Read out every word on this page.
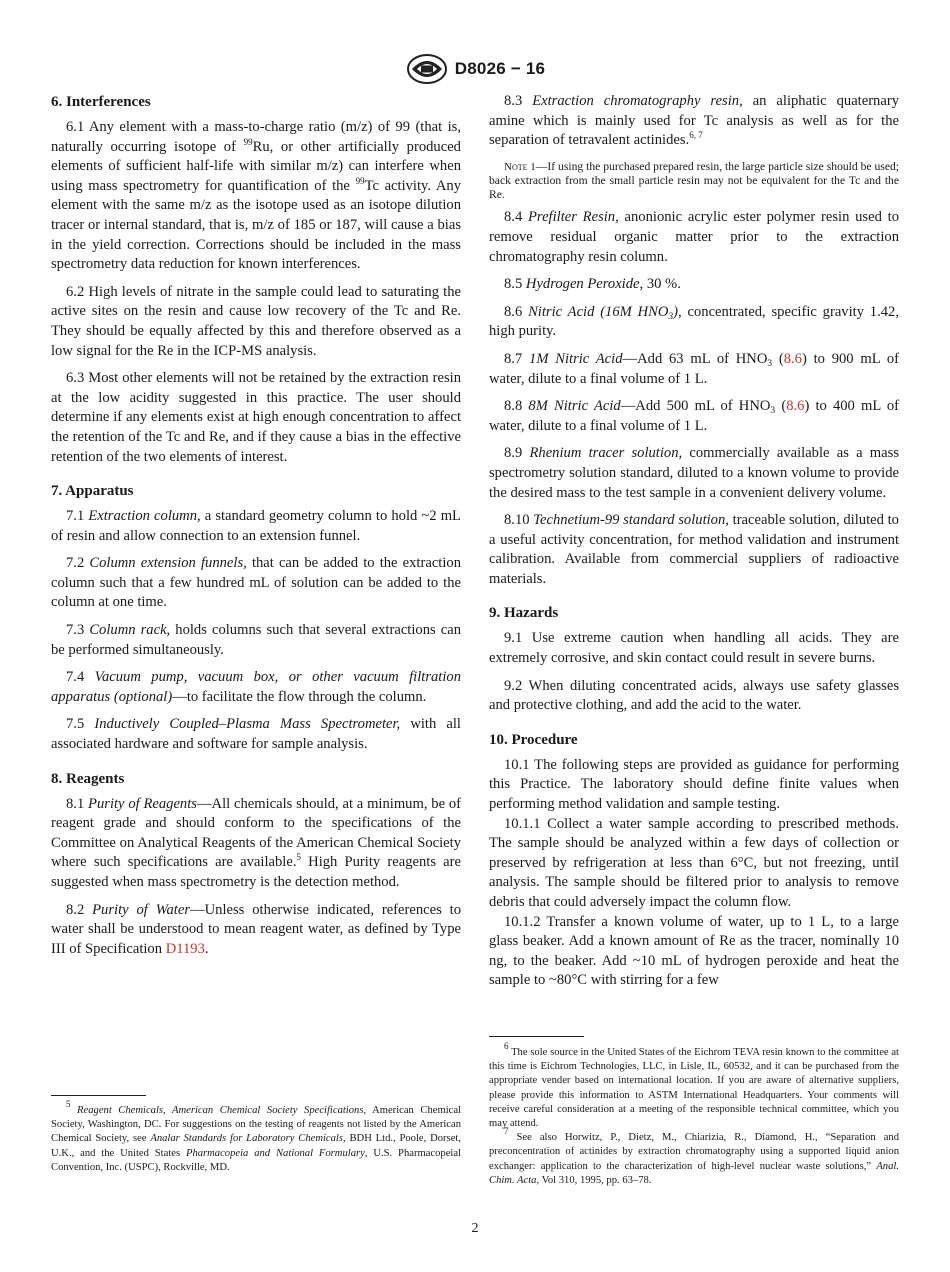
D8026 − 16
6. Interferences

6.1 Any element with a mass-to-charge ratio (m/z) of 99 (that is, naturally occurring isotope of $^{99}$Ru, or other artificially produced elements of sufficient half-life with similar m/z) can interfere when using mass spectrometry for quantification of the $^{99}$Tc activity. Any element with the same m/z as the isotope used as an isotope dilution tracer or internal standard, that is, m/z of 185 or 187, will cause a bias in the yield correction. Corrections should be included in the mass spectrometry data reduction for known interferences.

6.2 High levels of nitrate in the sample could lead to saturating the active sites on the resin and cause low recovery of the Tc and Re. They should be equally affected by this and therefore observed as a low signal for the Re in the ICP-MS analysis.

6.3 Most other elements will not be retained by the extraction resin at the low acidity suggested in this practice. The user should determine if any elements exist at high enough concentration to affect the retention of the Tc and Re, and if they cause a bias in the effective retention of the two elements of interest.

7. Apparatus

7.1 Extraction column, a standard geometry column to hold ~2 mL of resin and allow connection to an extension funnel.

7.2 Column extension funnels, that can be added to the extraction column such that a few hundred mL of solution can be added to the column at one time.

7.3 Column rack, holds columns such that several extractions can be performed simultaneously.

7.4 Vacuum pump, vacuum box, or other vacuum filtration apparatus (optional)—to facilitate the flow through the column.

7.5 Inductively Coupled–Plasma Mass Spectrometer, with all associated hardware and software for sample analysis.

8. Reagents

8.1 Purity of Reagents—All chemicals should, at a minimum, be of reagent grade and should conform to the specifications of the Committee on Analytical Reagents of the American Chemical Society where such specifications are available.$^5$ High Purity reagents are suggested when mass spectrometry is the detection method.

8.2 Purity of Water—Unless otherwise indicated, references to water shall be understood to mean reagent water, as defined by Type III of Specification D1193.

$^5$ Reagent Chemicals, American Chemical Society Specifications, American Chemical Society, Washington, DC. For suggestions on the testing of reagents not listed by the American Chemical Society, see Analar Standards for Laboratory Chemicals, BDH Ltd., Poole, Dorset, U.K., and the United States Pharmacopeia and National Formulary, U.S. Pharmacopeial Convention, Inc. (USPC), Rockville, MD.

8.3 Extraction chromatography resin, an aliphatic quaternary amine which is mainly used for Tc analysis as well as for the separation of tetravalent actinides.$^{6, 7}$

Note 1—If using the purchased prepared resin, the large particle size should be used; back extraction from the small particle resin may not be equivalent for the Tc and the Re.

8.4 Prefilter Resin, anonionic acrylic ester polymer resin used to remove residual organic matter prior to the extraction chromatography resin column.

8.5 Hydrogen Peroxide, 30 %.

8.6 Nitric Acid (16M $HNO_3$), concentrated, specific gravity 1.42, high purity.

8.7 1M Nitric Acid—Add 63 mL of $HNO_3$ (8.6) to 900 mL of water, dilute to a final volume of 1 L.

8.8 8M Nitric Acid—Add 500 mL of $HNO_3$ (8.6) to 400 mL of water, dilute to a final volume of 1 L.

8.9 Rhenium tracer solution, commercially available as a mass spectrometry solution standard, diluted to a known volume to provide the desired mass to the test sample in a convenient delivery volume.

8.10 Technetium-99 standard solution, traceable solution, diluted to a useful activity concentration, for method validation and instrument calibration. Available from commercial suppliers of radioactive materials.

9. Hazards

9.1 Use extreme caution when handling all acids. They are extremely corrosive, and skin contact could result in severe burns.

9.2 When diluting concentrated acids, always use safety glasses and protective clothing, and add the acid to the water.

10. Procedure

10.1 The following steps are provided as guidance for performing this Practice. The laboratory should define finite values when performing method validation and sample testing.

10.1.1 Collect a water sample according to prescribed methods. The sample should be analyzed within a few days of collection or preserved by refrigeration at less than 6°C, but not freezing, until analysis. The sample should be filtered prior to analysis to remove debris that could adversely impact the column flow.

10.1.2 Transfer a known volume of water, up to 1 L, to a large glass beaker. Add a known amount of Re as the tracer, nominally 10 ng, to the beaker. Add ~10 mL of hydrogen peroxide and heat the sample to ~80°C with stirring for a few

$^6$ The sole source in the United States of the Eichrom TEVA resin known to the committee at this time is Eichrom Technologies, LLC, in Lisle, IL, 60532, and it can be purchased from the appropriate vender based on international location. If you are aware of alternative suppliers, please provide this information to ASTM International Headquarters. Your comments will receive careful consideration at a meeting of the responsible technical committee, which you may attend.

$^7$ See also Horwitz, P., Dietz, M., Chiarizia, R., Diamond, H., “Separation and preconcentration of actinides by extraction chromatography using a supported liquid anion exchanger: application to the characterization of high-level nuclear waste solutions,” Anal. Chim. Acta, Vol 310, 1995, pp. 63–78.

2
